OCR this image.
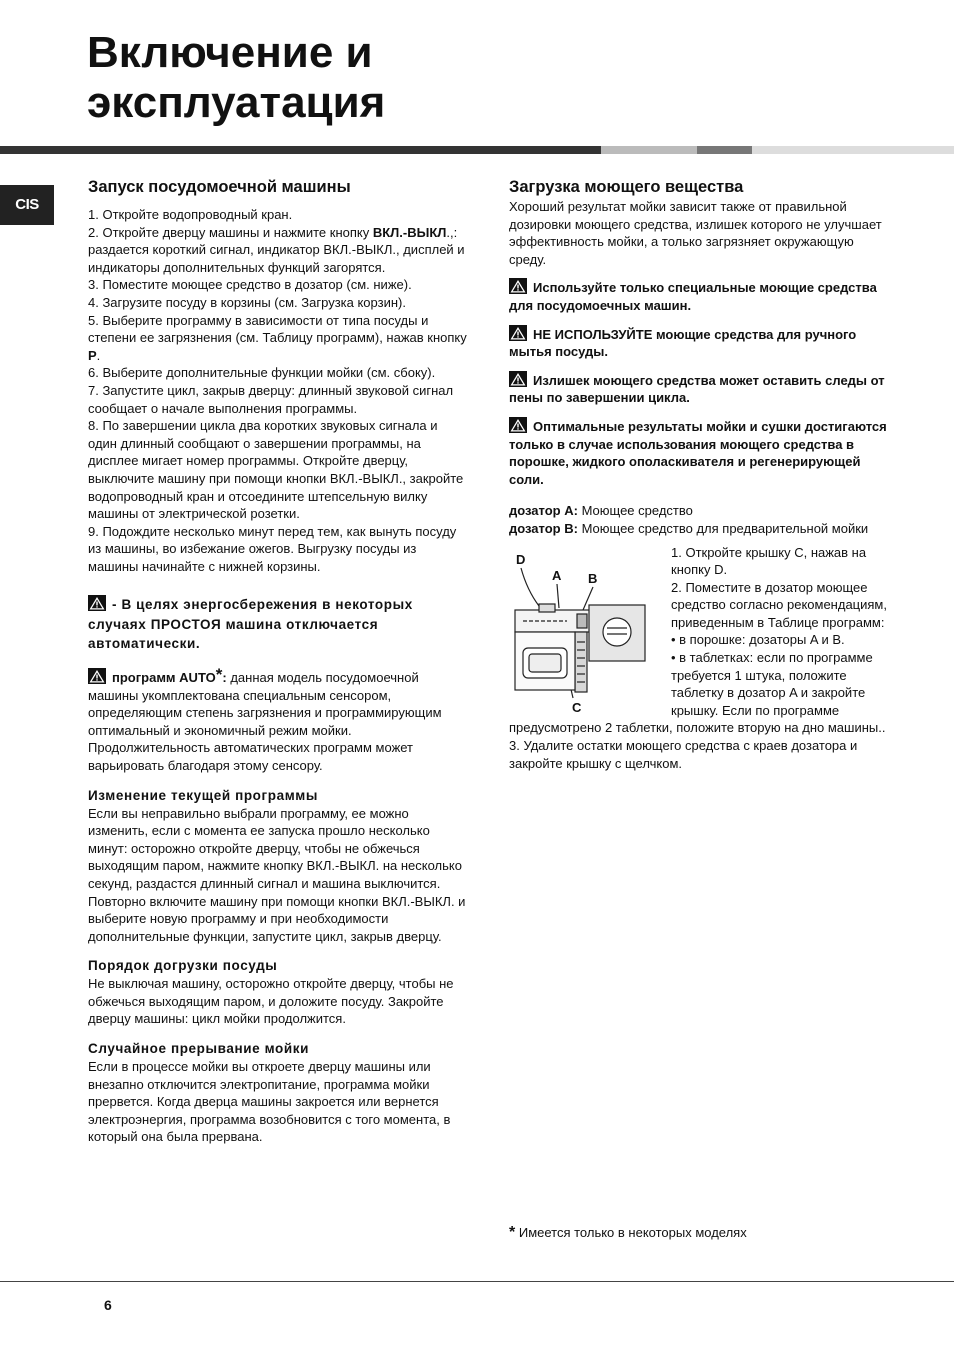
Включение и
эксплуатация
CIS
Запуск посудомоечной машины
1. Откройте водопроводный кран.
2. Откройте дверцу машины и нажмите кнопку ВКЛ.-ВЫКЛ.,: раздается короткий сигнал, индикатор ВКЛ.-ВЫКЛ., дисплей и индикаторы дополнительных функций загорятся.
3. Поместите моющее средство в дозатор (см. ниже).
4. Загрузите посуду в корзины (см. Загрузка корзин).
5. Выберите программу в зависимости от типа посуды и степени ее загрязнения (см. Таблицу программ), нажав кнопку P.
6. Выберите дополнительные функции мойки (см. сбоку).
7. Запустите цикл, закрыв дверцу: длинный звуковой сигнал сообщает о начале выполнения программы.
8. По завершении цикла два коротких звуковых сигнала и один длинный сообщают о завершении программы, на дисплее мигает номер программы. Откройте дверцу, выключите машину при помощи кнопки ВКЛ.-ВЫКЛ., закройте водопроводный кран и отсоедините штепсельную вилку машины от электрической розетки.
9. Подождите несколько минут перед тем, как вынуть посуду из машины, во избежание ожегов. Выгрузку посуды из машины начинайте с нижней корзины.

- В целях энергосбережения в некоторых случаях ПРОСТОЯ машина отключается автоматически.

программ AUTO*: данная модель посудомоечной машины укомплектована специальным сенсором, определяющим степень загрязнения и программирующим оптимальный и экономичный режим мойки. Продолжительность автоматических программ может варьировать благодаря этому сенсору.

Изменение текущей программы

Если вы неправильно выбрали программу, ее можно изменить, если с момента ее запуска прошло несколько минут: осторожно откройте дверцу, чтобы не обжечься выходящим паром, нажмите кнопку ВКЛ.-ВЫКЛ. на несколько секунд, раздастся длинный сигнал и машина выключится. Повторно включите машину при помощи кнопки ВКЛ.-ВЫКЛ. и выберите новую программу и при необходимости дополнительные функции, запустите цикл, закрыв дверцу.

Порядок догрузки посуды

Не выключая машину, осторожно откройте дверцу, чтобы не обжечься выходящим паром, и доложите посуду. Закройте дверцу машины: цикл мойки продолжится.

Случайное прерывание мойки

Если в процессе мойки вы откроете дверцу машины или внезапно отключится электропитание, программа мойки прервется. Когда дверца машины закроется или вернется электроэнергия, программа возобновится с того момента, в который она была прервана.

Загрузка моющего вещества

Хороший результат мойки зависит также от правильной дозировки моющего средства, излишек которого не улучшает эффективность мойки, а только загрязняет окружающую среду.

Используйте только специальные моющие средства для посудомоечных машин.

НЕ ИСПОЛЬЗУЙТЕ моющие средства для ручного мытья посуды.

Излишек моющего средства может оставить следы от пены по завершении цикла.

Оптимальные результаты мойки и сушки достигаются только в случае использования моющего средства в порошке, жидкого ополаскивателя и регенерирующей соли.

дозатор A: Моющее средство

дозатор B: Моющее средство для предварительной мойки

D
A B
C

1. Откройте крышку C, нажав на кнопку D.

2. Поместите в дозатор моющее средство согласно рекомендациям, приведенным в Таблице программ:

• в порошке: дозаторы A и B.

• в таблетках: если по программе требуется 1 штука, положите таблетку в дозатор A и закройте крышку. Если по программе предусмотрено 2 таблетки, положите вторую на дно машины..

3. Удалите остатки моющего средства с краев дозатора и закройте крышку с щелчком.

* Имеется только в некоторых моделях
6
